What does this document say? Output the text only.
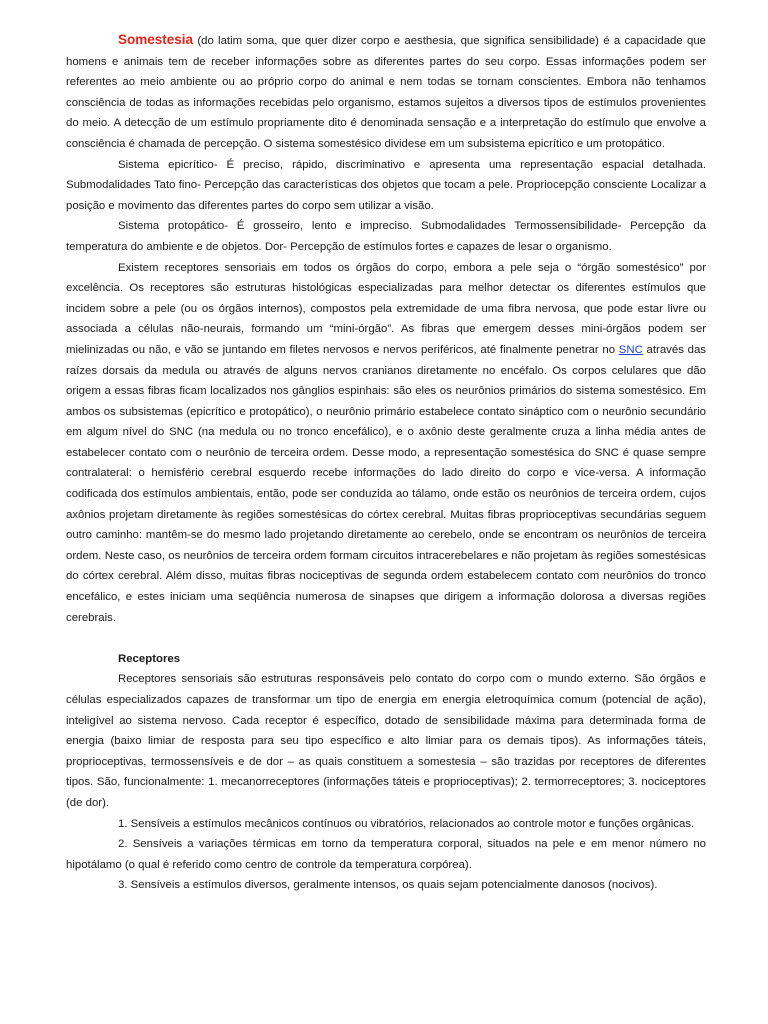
Somestesia (do latim soma, que quer dizer corpo e aesthesia, que significa sensibilidade) é a capacidade que homens e animais tem de receber informações sobre as diferentes partes do seu corpo. Essas informações podem ser referentes ao meio ambiente ou ao próprio corpo do animal e nem todas se tornam conscientes. Embora não tenhamos consciência de todas as informações recebidas pelo organismo, estamos sujeitos a diversos tipos de estímulos provenientes do meio. A detecção de um estímulo propriamente dito é denominada sensação e a interpretação do estímulo que envolve a consciência é chamada de percepção. O sistema somestésico dividese em um subsistema epicrítico e um protopático.

Sistema epicrítico- É preciso, rápido, discriminativo e apresenta uma representação espacial detalhada. Submodalidades Tato fino- Percepção das características dos objetos que tocam a pele. Propriocepção consciente Localizar a posição e movimento das diferentes partes do corpo sem utilizar a visão.

Sistema protopático- É grosseiro, lento e impreciso. Submodalidades Termossensibilidade- Percepção da temperatura do ambiente e de objetos. Dor- Percepção de estímulos fortes e capazes de lesar o organismo.

Existem receptores sensoriais em todos os órgãos do corpo, embora a pele seja o “órgão somestésico” por excelência. Os receptores são estruturas histológicas especializadas para melhor detectar os diferentes estímulos que incidem sobre a pele (ou os órgãos internos), compostos pela extremidade de uma fibra nervosa, que pode estar livre ou associada a células não-neurais, formando um “mini-órgão”. As fibras que emergem desses mini-órgãos podem ser mielinizadas ou não, e vão se juntando em filetes nervosos e nervos periféricos, até finalmente penetrar no SNC através das raízes dorsais da medula ou através de alguns nervos cranianos diretamente no encéfalo. Os corpos celulares que dão origem a essas fibras ficam localizados nos gânglios espinhais: são eles os neurônios primários do sistema somestésico. Em ambos os subsistemas (epicrítico e protopático), o neurônio primário estabelece contato sináptico com o neurônio secundário em algum nível do SNC (na medula ou no tronco encefálico), e o axônio deste geralmente cruza a linha média antes de estabelecer contato com o neurônio de terceira ordem. Desse modo, a representação somestésica do SNC é quase sempre contralateral: o hemisfério cerebral esquerdo recebe informações do lado direito do corpo e vice-versa. A informação codificada dos estímulos ambientais, então, pode ser conduzida ao tálamo, onde estão os neurônios de terceira ordem, cujos axônios projetam diretamente às regiões somestésicas do córtex cerebral. Muitas fibras proprioceptivas secundárias seguem outro caminho: mantêm-se do mesmo lado projetando diretamente ao cerebelo, onde se encontram os neurônios de terceira ordem. Neste caso, os neurônios de terceira ordem formam circuitos intracerebelares e não projetam às regiões somestésicas do córtex cerebral. Além disso, muitas fibras nociceptivas de segunda ordem estabelecem contato com neurônios do tronco encefálico, e estes iniciam uma seqüência numerosa de sinapses que dirigem a informação dolorosa a diversas regiões cerebrais.

Receptores

Receptores sensoriais são estruturas responsáveis pelo contato do corpo com o mundo externo. São órgãos e células especializados capazes de transformar um tipo de energia em energia eletroquímica comum (potencial de ação), inteligível ao sistema nervoso. Cada receptor é específico, dotado de sensibilidade máxima para determinada forma de energia (baixo limiar de resposta para seu tipo específico e alto limiar para os demais tipos). As informações táteis, proprioceptivas, termossensíveis e de dor – as quais constituem a somestesia – são trazidas por receptores de diferentes tipos. São, funcionalmente: 1. mecanorreceptores (informações táteis e proprioceptivas); 2. termorreceptores; 3. nociceptores (de dor).

1. Sensíveis a estímulos mecânicos contínuos ou vibratórios, relacionados ao controle motor e funções orgânicas.

2. Sensíveis a variações térmicas em torno da temperatura corporal, situados na pele e em menor número no hipotálamo (o qual é referido como centro de controle da temperatura corpórea).

3. Sensíveis a estímulos diversos, geralmente intensos, os quais sejam potencialmente danosos (nocivos).
